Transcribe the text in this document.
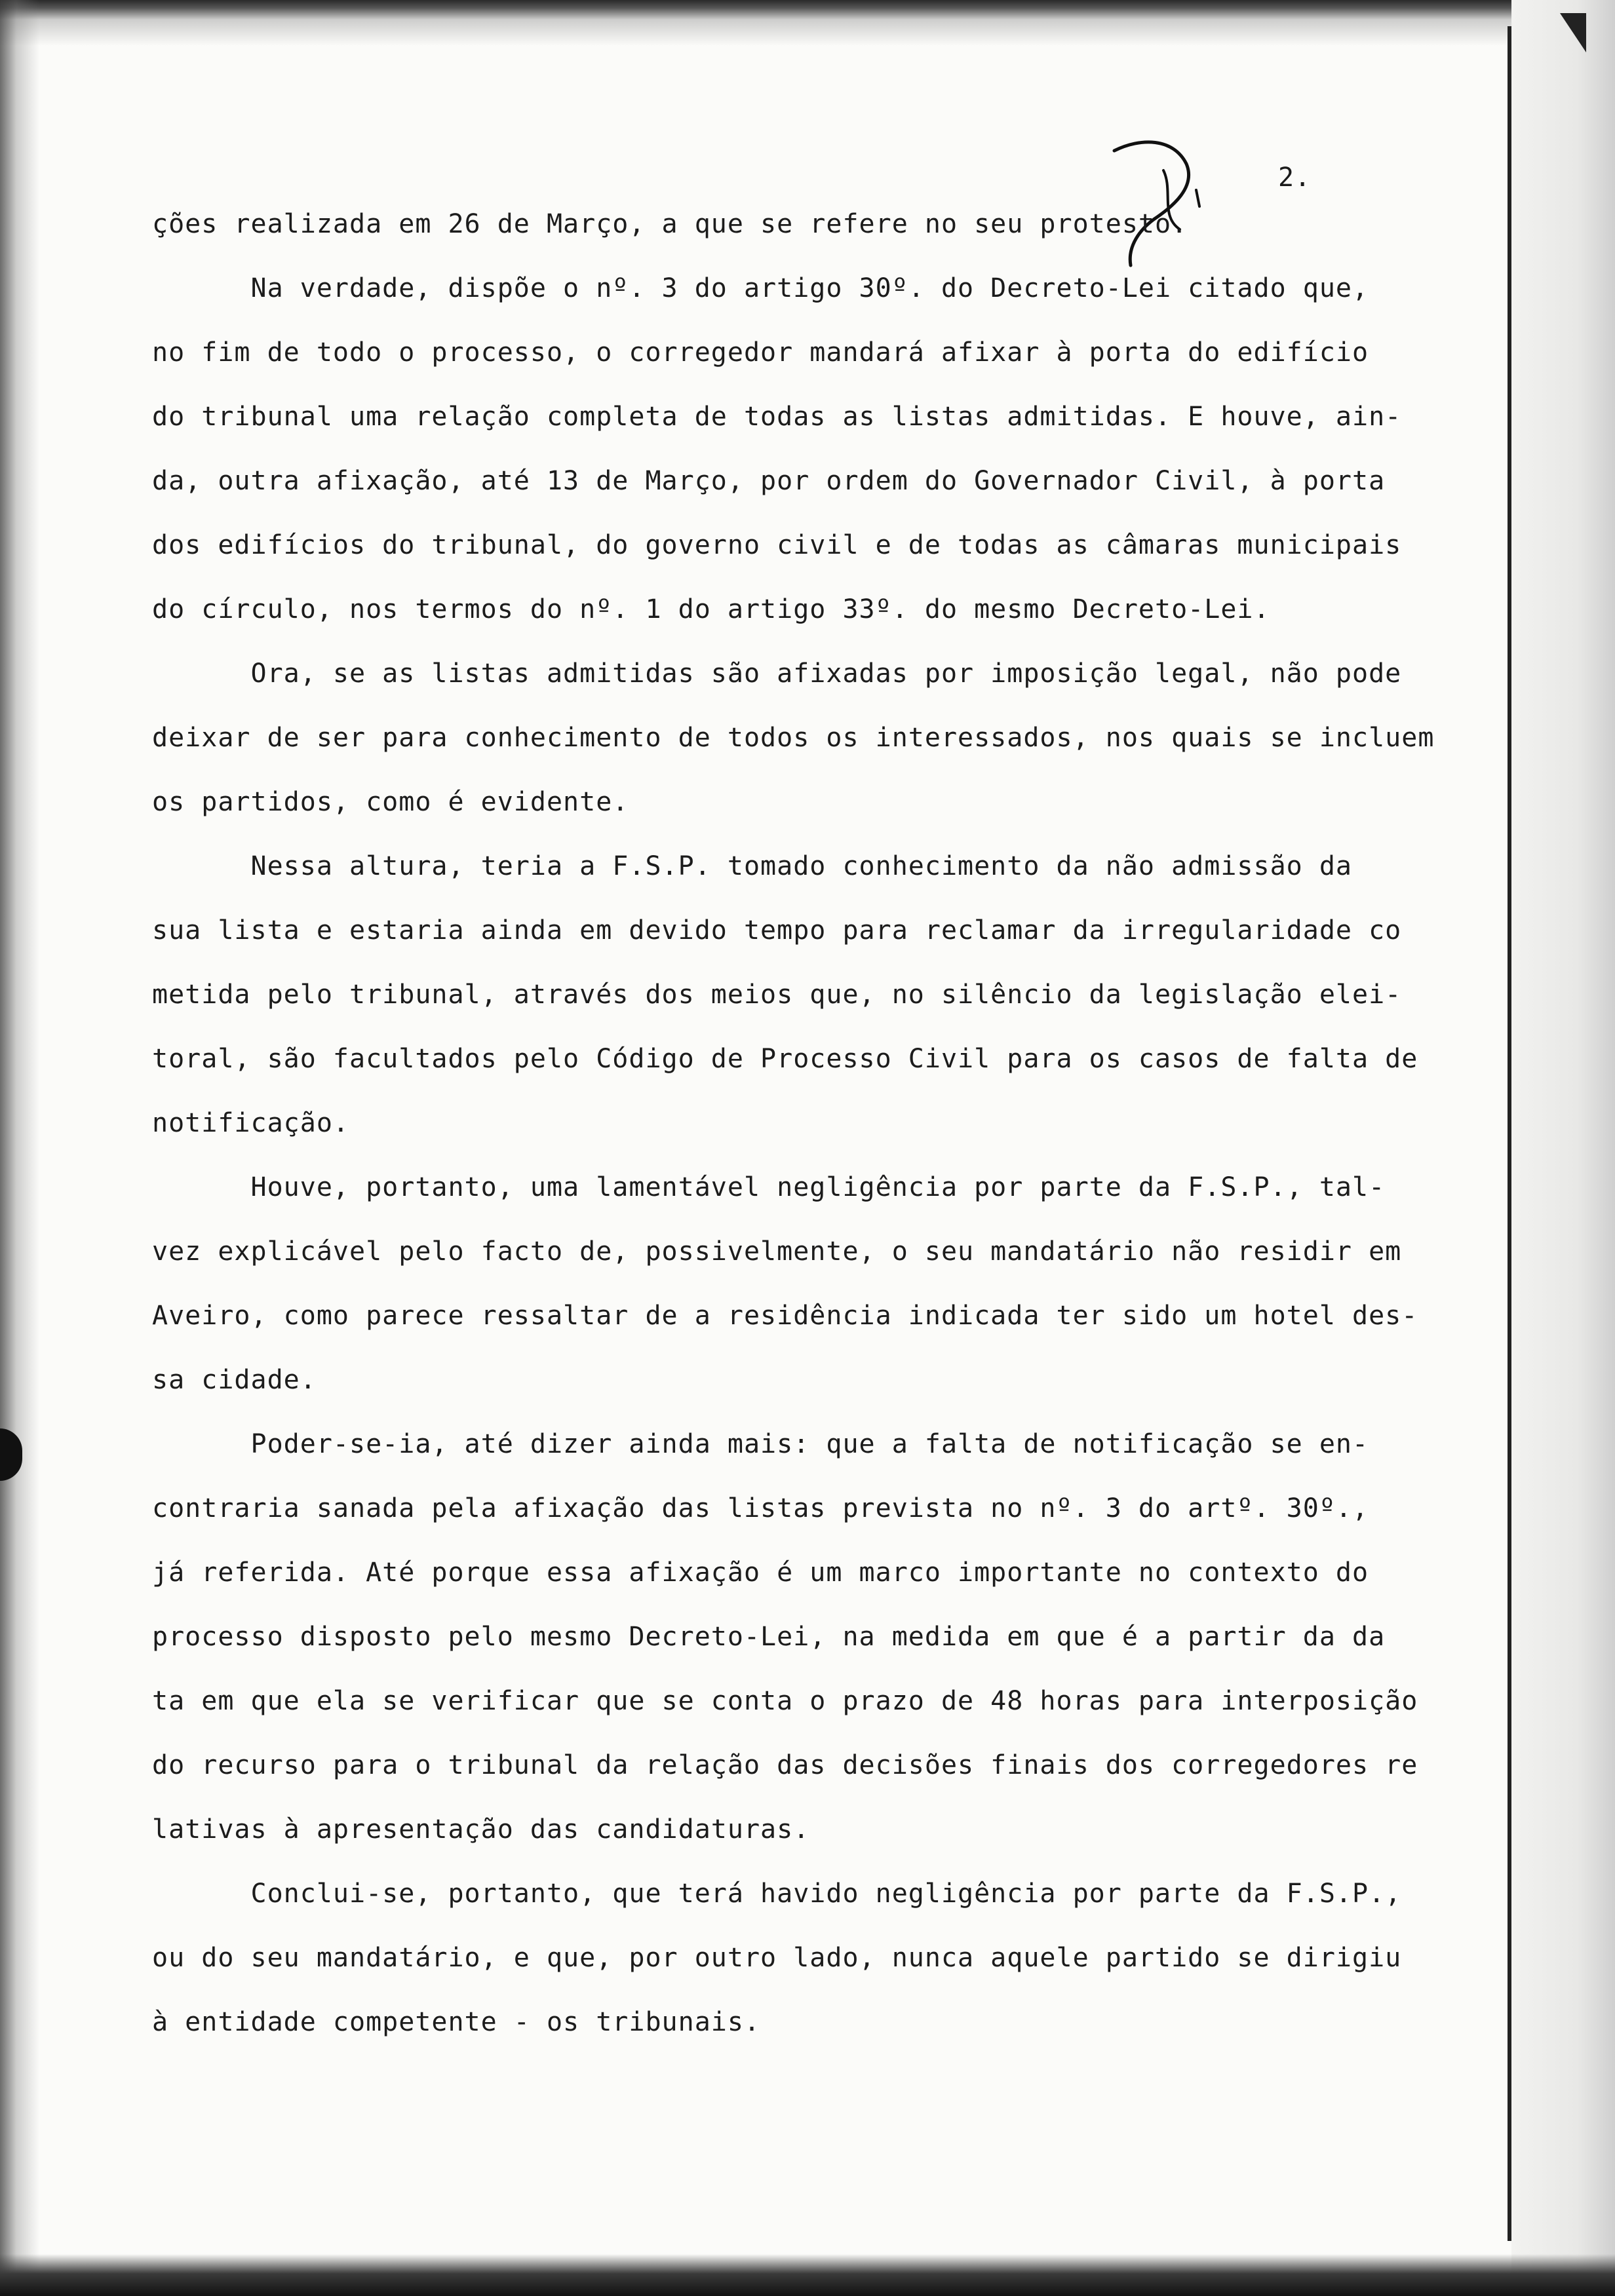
2.
ções realizada em 26 de Março, a que se refere no seu protesto.
Na verdade, dispõe o nº. 3 do artigo 30º. do Decreto-Lei citado que,
no fim de todo o processo, o corregedor mandará afixar à porta do edifício
do tribunal uma relação completa de todas as listas admitidas. E houve, ain-
da, outra afixação, até 13 de Março, por ordem do Governador Civil, à porta
dos edifícios do tribunal, do governo civil e de todas as câmaras municipais
do círculo, nos termos do nº. 1 do artigo 33º. do mesmo Decreto-Lei.
Ora, se as listas admitidas são afixadas por imposição legal, não pode
deixar de ser para conhecimento de todos os interessados, nos quais se incluem
os partidos, como é evidente.
Nessa altura, teria a F.S.P. tomado conhecimento da não admissão da
sua lista e estaria ainda em devido tempo para reclamar da irregularidade co
metida pelo tribunal, através dos meios que, no silêncio da legislação elei-
toral, são facultados pelo Código de Processo Civil para os casos de falta de
notificação.
Houve, portanto, uma lamentável negligência por parte da F.S.P., tal-
vez explicável pelo facto de, possivelmente, o seu mandatário não residir em
Aveiro, como parece ressaltar de a residência indicada ter sido um hotel des-
sa cidade.
Poder-se-ia, até dizer ainda mais: que a falta de notificação se en-
contraria sanada pela afixação das listas prevista no nº. 3 do artº. 30º.,
já referida. Até porque essa afixação é um marco importante no contexto do
processo disposto pelo mesmo Decreto-Lei, na medida em que é a partir da da
ta em que ela se verificar que se conta o prazo de 48 horas para interposição
do recurso para o tribunal da relação das decisões finais dos corregedores re
lativas à apresentação das candidaturas.
Conclui-se, portanto, que terá havido negligência por parte da F.S.P.,
ou do seu mandatário, e que, por outro lado, nunca aquele partido se dirigiu
à entidade competente - os tribunais.
